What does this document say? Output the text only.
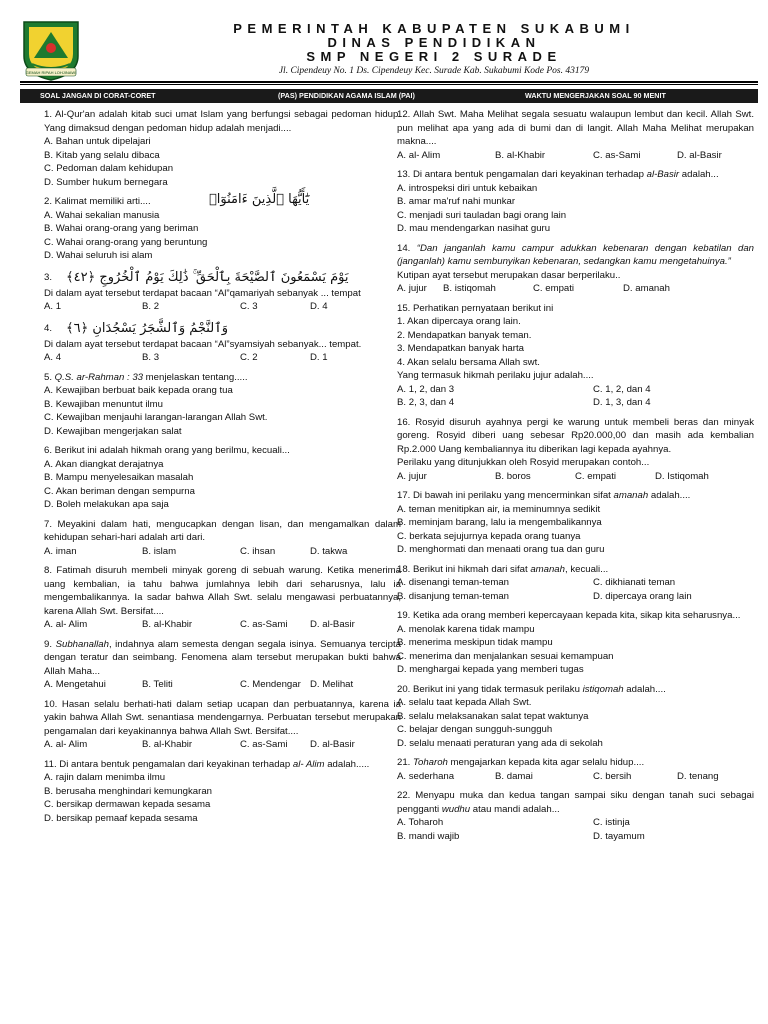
GEMAH RIPAH LOHJINAWI
PEMERINTAH KABUPATEN SUKABUMI
DINAS PENDIDIKAN
SMP NEGERI 2 SURADE
Jl. Cipendeuy No. 1 Ds. Cipendeuy Kec. Surade Kab. Sukabumi Kode Pos. 43179
SOAL JANGAN DI CORAT-CORET	(PAS) PENDIDIKAN AGAMA ISLAM (PAI)	WAKTU MENGERJAKAN SOAL 90 MENIT
1. Al-Qur'an adalah kitab suci umat Islam yang berfungsi sebagai pedoman hidup. Yang dimaksud dengan pedoman hidup adalah menjadi....
A. Bahan untuk dipelajari
B. Kitab yang selalu dibaca
C. Pedoman dalam kehidupan
D. Sumber hukum bernegara
2. Kalimat memiliki arti....	يَٰٓأَيُّهَا ٱلَّذِينَ ءَامَنُوٓا۟
A. Wahai sekalian manusia
B. Wahai orang-orang yang beriman
C. Wahai orang-orang yang beruntung
D. Wahai seluruh isi alam
3. يَوْمَ يَسْمَعُونَ ٱلصَّيْحَةَ بِٱلْحَقِّ ۚ ذَٰلِكَ يَوْمُ ٱلْخُرُوجِ ﴿٤٢﴾
Di dalam ayat tersebut terdapat bacaan “Al”qamariyah sebanyak ... tempat
A. 1	B. 2	C. 3	D. 4
4. وَٱلنَّجْمُ وَٱلشَّجَرُ يَسْجُدَانِ ﴿٦﴾
Di dalam ayat tersebut terdapat bacaan “Al”syamsiyah sebanyak... tempat.
A. 4	B. 3	C. 2	D. 1
5. Q.S. ar-Rahman : 33 menjelaskan tentang.....
A. Kewajiban berbuat baik kepada orang tua
B. Kewajiban menuntut ilmu
C. Kewajiban menjauhi larangan-larangan Allah Swt.
D. Kewajiban mengerjakan salat
6. Berikut ini adalah hikmah orang yang berilmu, kecuali...
A. Akan diangkat derajatnya
B. Mampu menyelesaikan masalah
C. Akan beriman dengan sempurna
D. Boleh melakukan apa saja
7. Meyakini dalam hati, mengucapkan dengan lisan, dan mengamalkan dalam kehidupan sehari-hari adalah arti dari.
A. iman	B. islam	C. ihsan	D. takwa
8. Fatimah disuruh membeli minyak goreng di sebuah warung. Ketika menerima uang kembalian, ia tahu bahwa jumlahnya lebih dari seharusnya, lalu ia mengembalikannya. Ia sadar bahwa Allah Swt. selalu mengawasi perbuatannya, karena Allah Swt. Bersifat....
A. al- Alim	B. al-Khabir	C. as-Sami	D. al-Basir
9. Subhanallah, indahnya alam semesta dengan segala isinya. Semuanya tercipta dengan teratur dan seimbang. Fenomena alam tersebut merupakan bukti bahwa Allah Maha...
A. Mengetahui	B. Teliti	C. Mendengar D. Melihat
10. Hasan selalu berhati-hati dalam setiap ucapan dan perbuatannya, karena ia yakin bahwa Allah Swt. senantiasa mendengarnya. Perbuatan tersebut merupakan pengamalan dari keyakinannya bahwa Allah Swt. Bersifat....
A. al- Alim	B. al-Khabir	C. as-Sami	D. al-Basir
11. Di antara bentuk pengamalan dari keyakinan terhadap al- Alim adalah.....
A. rajin dalam menimba ilmu
B. berusaha menghindari kemungkaran
C. bersikap dermawan kepada sesama
D. bersikap pemaaf kepada sesama
12. Allah Swt. Maha Melihat segala sesuatu walaupun lembut dan kecil. Allah Swt. pun melihat apa yang ada di bumi dan di langit. Allah Maha Melihat merupakan makna....
A. al- Alim	B. al-Khabir	C. as-Sami	D. al-Basir
13. Di antara bentuk pengamalan dari keyakinan terhadap al-Basir adalah...
A. introspeksi diri untuk kebaikan
B. amar ma'ruf nahi munkar
C. menjadi suri tauladan bagi orang lain
D. mau mendengarkan nasihat guru
14. “Dan janganlah kamu campur adukkan kebenaran dengan kebatilan dan (janganlah) kamu sembunyikan kebenaran, sedangkan kamu mengetahuinya.”
Kutipan ayat tersebut merupakan dasar berperilaku..
A. jujur	B. istiqomah	C. empati	D. amanah
15. Perhatikan pernyataan berikut ini
1. Akan dipercaya orang lain.
2. Mendapatkan banyak teman.
3. Mendapatkan banyak harta
4. Akan selalu bersama Allah swt.
Yang termasuk hikmah perilaku jujur adalah....
A. 1, 2, dan 3	C. 1, 2, dan 4
B. 2, 3, dan 4	D. 1, 3, dan 4
16. Rosyid disuruh ayahnya pergi ke warung untuk membeli beras dan minyak goreng. Rosyid diberi uang sebesar Rp20.000,00 dan masih ada kembalian Rp.2.000 Uang kembaliannya itu diberikan lagi kepada ayahnya.
Perilaku yang ditunjukkan oleh Rosyid merupakan contoh...
A. jujur	B. boros	C. empati	D. Istiqomah
17. Di bawah ini perilaku yang mencerminkan sifat amanah adalah....
A. teman menitipkan air, ia meminumnya sedikit
B. meminjam barang, lalu ia mengembalikannya
C. berkata sejujurnya kepada orang tuanya
D. menghormati dan menaati orang tua dan guru
18. Berikut ini hikmah dari sifat amanah, kecuali...
A. disenangi teman-teman	C. dikhianati teman
B. disanjung teman-teman	D. dipercaya orang lain
19. Ketika ada orang memberi kepercayaan kepada kita, sikap kita seharusnya...
A. menolak karena tidak mampu
B. menerima meskipun tidak mampu
C. menerima dan menjalankan sesuai kemampuan
D. menghargai kepada yang memberi tugas
20. Berikut ini yang tidak termasuk perilaku istiqomah adalah....
A. selalu taat kepada Allah Swt.
B. selalu melaksanakan salat tepat waktunya
C. belajar dengan sungguh-sungguh
D. selalu menaati peraturan yang ada di sekolah
21. Toharoh mengajarkan kepada kita agar selalu hidup....
A. sederhana	B. damai	C. bersih	D. tenang
22. Menyapu muka dan kedua tangan sampai siku dengan tanah suci sebagai pengganti wudhu atau mandi adalah...
A. Toharoh	C. istinja
B. mandi wajib	D. tayamum
